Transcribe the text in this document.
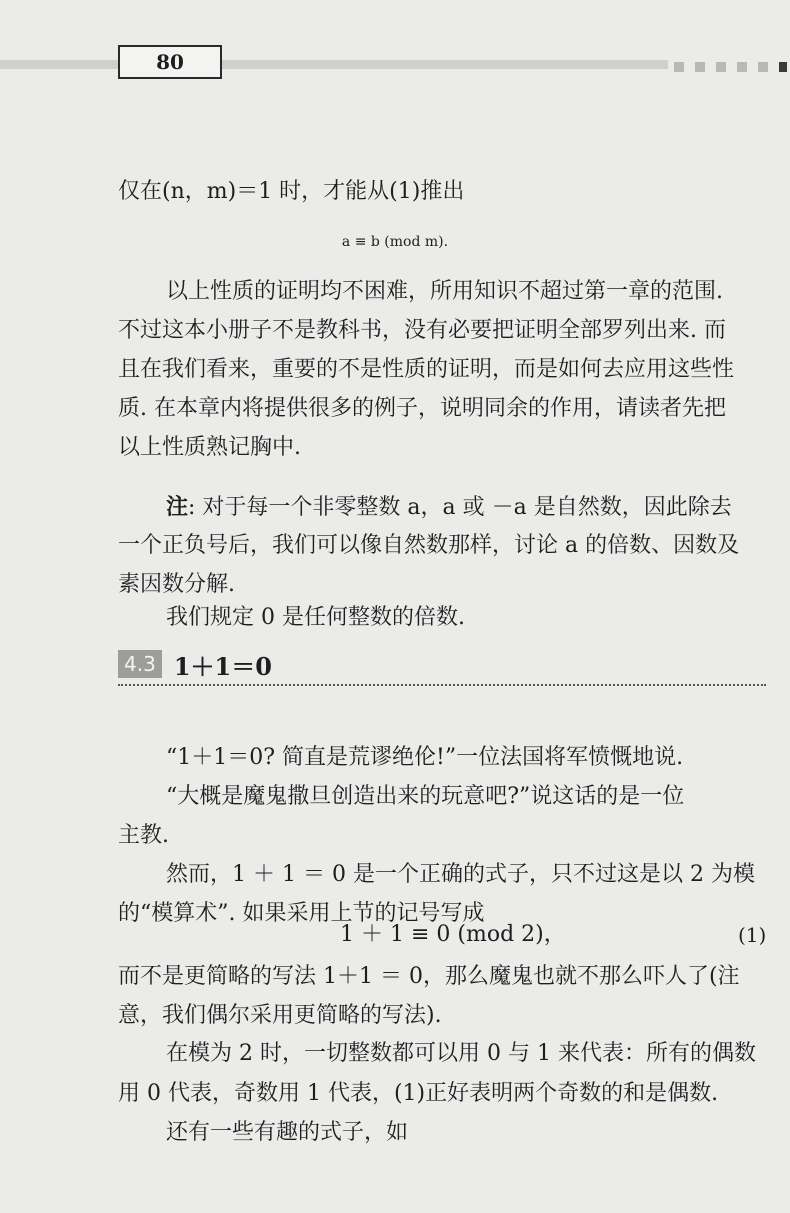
80
仅在(n，m)＝1 时，才能从(1)推出
a ≡ b (mod m).
以上性质的证明均不困难，所用知识不超过第一章的范围.
不过这本小册子不是教科书，没有必要把证明全部罗列出来. 而
且在我们看来，重要的不是性质的证明，而是如何去应用这些性
质. 在本章内将提供很多的例子，说明同余的作用，请读者先把
以上性质熟记胸中.
注: 对于每一个非零整数 a，a 或 －a 是自然数，因此除去
一个正负号后，我们可以像自然数那样，讨论 a 的倍数、因数及
素因数分解.
我们规定 0 是任何整数的倍数.
4.3 1＋1＝0
“1＋1＝0? 简直是荒谬绝伦!”一位法国将军愤慨地说.
“大概是魔鬼撒旦创造出来的玩意吧?”说这话的是一位
主教.
然而，1 ＋ 1 ＝ 0 是一个正确的式子，只不过这是以 2 为模
的“模算术”. 如果采用上节的记号写成
1 ＋ 1 ≡ 0 (mod 2)，	(1)
而不是更简略的写法 1＋1 ＝ 0，那么魔鬼也就不那么吓人了(注
意，我们偶尔采用更简略的写法).
在模为 2 时，一切整数都可以用 0 与 1 来代表：所有的偶数
用 0 代表，奇数用 1 代表，(1)正好表明两个奇数的和是偶数.
还有一些有趣的式子，如
